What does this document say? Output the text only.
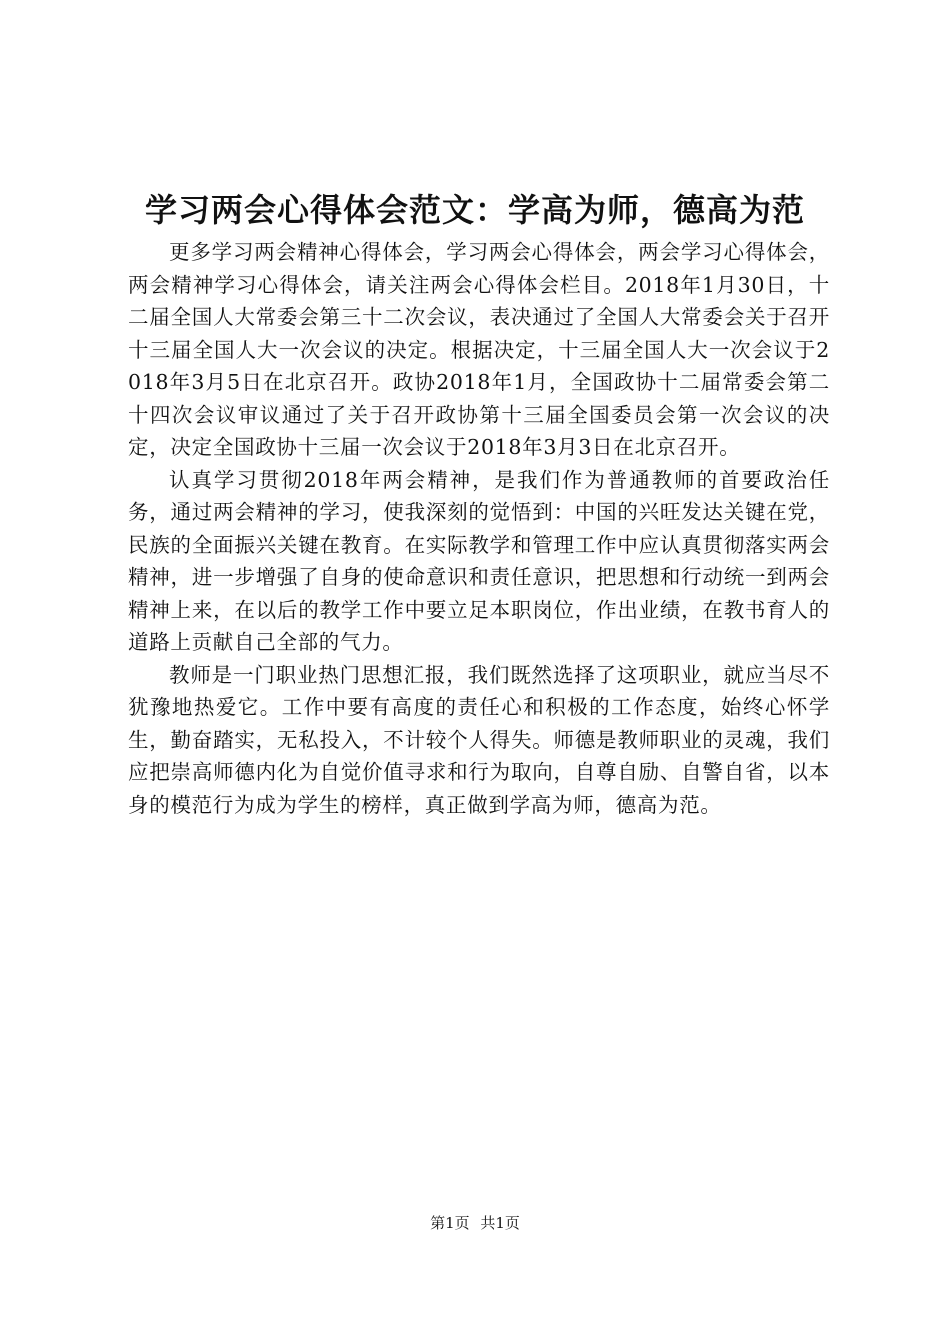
学习两会心得体会范文：学高为师，德高为范

更多学习两会精神心得体会，学习两会心得体会，两会学习心得体会，两会精神学习心得体会，请关注两会心得体会栏目。2018年1月30日，十二届全国人大常委会第三十二次会议，表决通过了全国人大常委会关于召开十三届全国人大一次会议的决定。根据决定，十三届全国人大一次会议于2018年3月5日在北京召开。政协2018年1月，全国政协十二届常委会第二十四次会议审议通过了关于召开政协第十三届全国委员会第一次会议的决定，决定全国政协十三届一次会议于2018年3月3日在北京召开。

认真学习贯彻2018年两会精神，是我们作为普通教师的首要政治任务，通过两会精神的学习，使我深刻的觉悟到：中国的兴旺发达关键在党，民族的全面振兴关键在教育。在实际教学和管理工作中应认真贯彻落实两会精神，进一步增强了自身的使命意识和责任意识，把思想和行动统一到两会精神上来，在以后的教学工作中要立足本职岗位，作出业绩，在教书育人的道路上贡献自己全部的气力。

教师是一门职业热门思想汇报，我们既然选择了这项职业，就应当尽不犹豫地热爱它。工作中要有高度的责任心和积极的工作态度，始终心怀学生，勤奋踏实，无私投入，不计较个人得失。师德是教师职业的灵魂，我们应把崇高师德内化为自觉价值寻求和行为取向，自尊自励、自警自省，以本身的模范行为成为学生的榜样，真正做到学高为师，德高为范。

第1页 共1页
